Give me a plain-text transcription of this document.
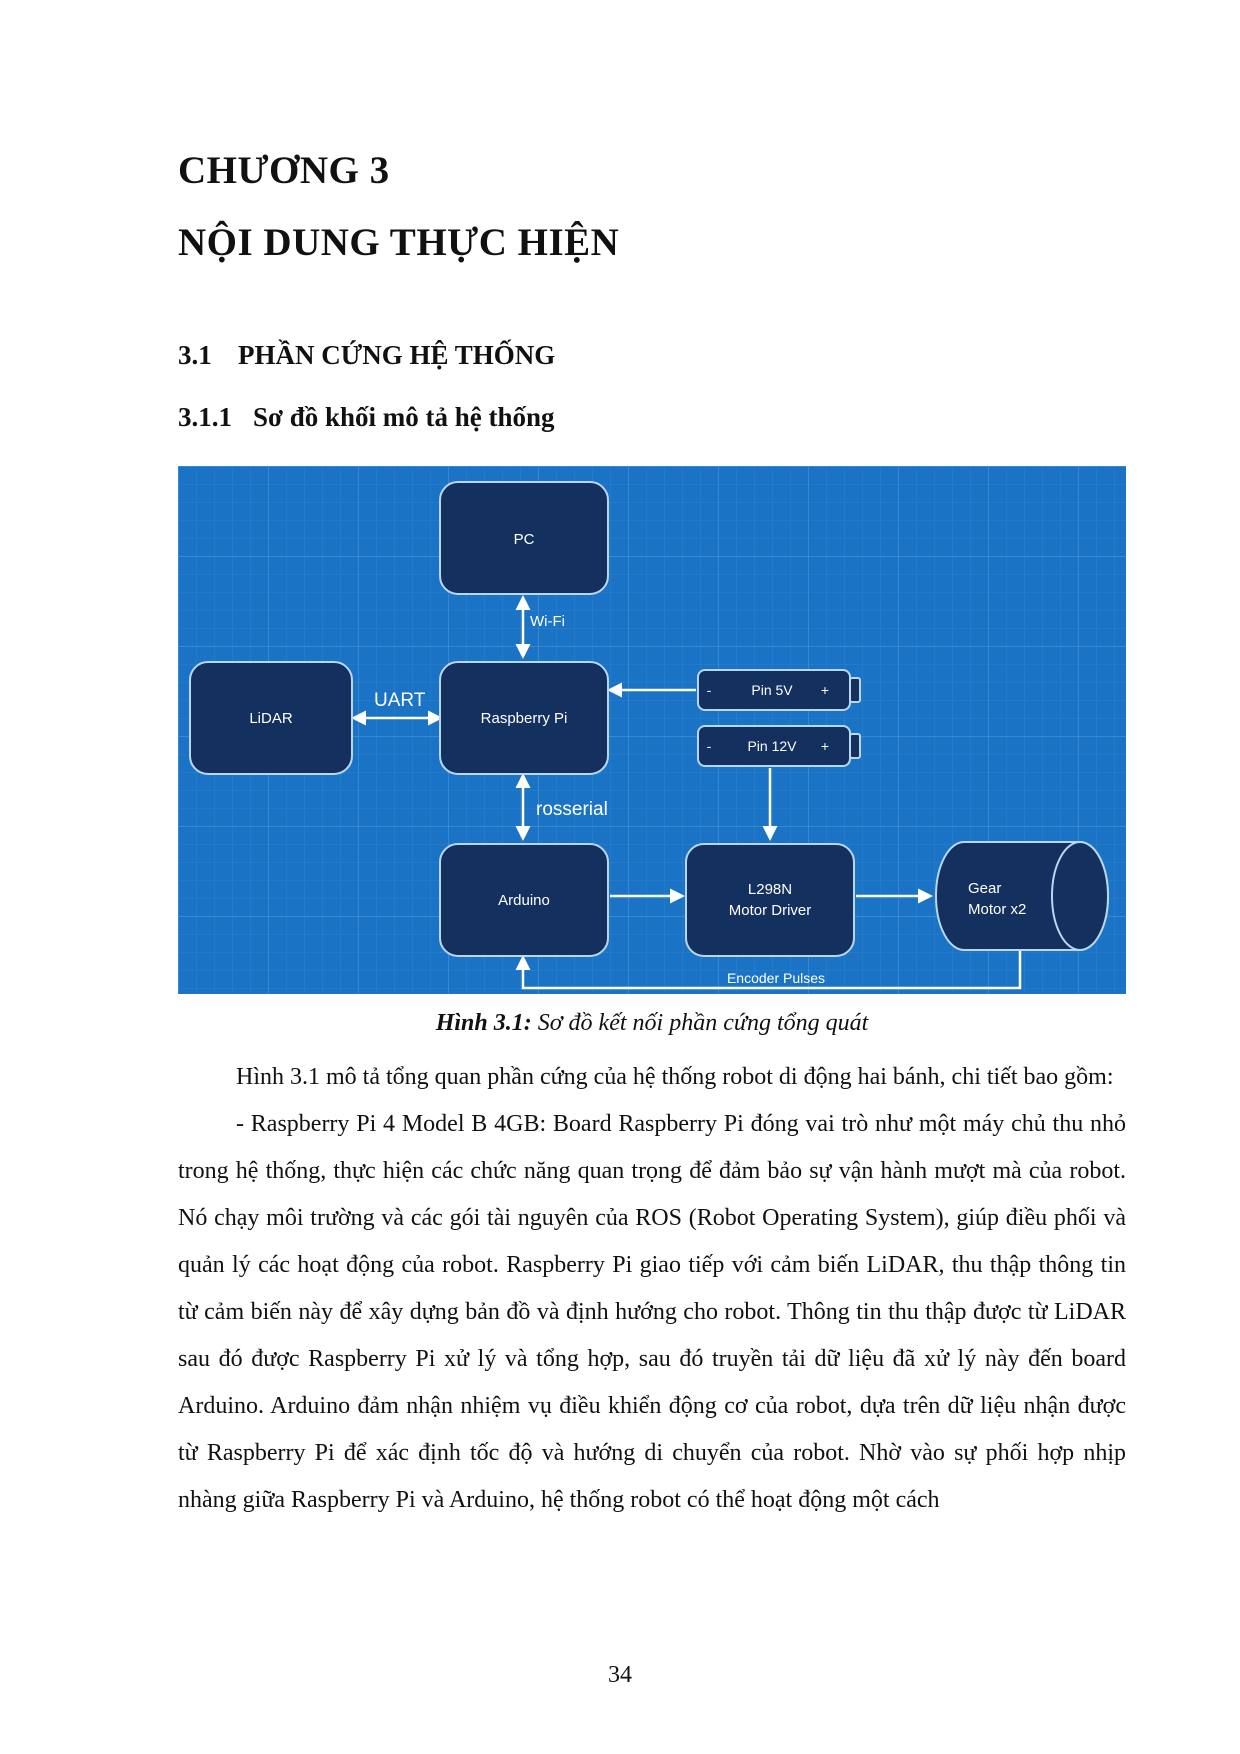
CHƯƠNG 3
NỘI DUNG THỰC HIỆN
3.1 PHẦN CỨNG HỆ THỐNG
3.1.1 Sơ đồ khối mô tả hệ thống
PC
LiDAR	Raspberry Pi
-	Pin 5V +
-	Pin 12V +
Arduino
L298N
Motor Driver
Gear
Motor x2
Wi-Fi
UART
rosserial
Encoder Pulses

Hình 3.1: Sơ đồ kết nối phần cứng tổng quát

Hình 3.1 mô tả tổng quan phần cứng của hệ thống robot di động hai bánh, chi tiết bao gồm:

- Raspberry Pi 4 Model B 4GB: Board Raspberry Pi đóng vai trò như một máy chủ thu nhỏ trong hệ thống, thực hiện các chức năng quan trọng để đảm bảo sự vận hành mượt mà của robot. Nó chạy môi trường và các gói tài nguyên của ROS (Robot Operating System), giúp điều phối và quản lý các hoạt động của robot. Raspberry Pi giao tiếp với cảm biến LiDAR, thu thập thông tin từ cảm biến này để xây dựng bản đồ và định hướng cho robot. Thông tin thu thập được từ LiDAR sau đó được Raspberry Pi xử lý và tổng hợp, sau đó truyền tải dữ liệu đã xử lý này đến board Arduino. Arduino đảm nhận nhiệm vụ điều khiển động cơ của robot, dựa trên dữ liệu nhận được từ Raspberry Pi để xác định tốc độ và hướng di chuyển của robot. Nhờ vào sự phối hợp nhịp nhàng giữa Raspberry Pi và Arduino, hệ thống robot có thể hoạt động một cách

34
